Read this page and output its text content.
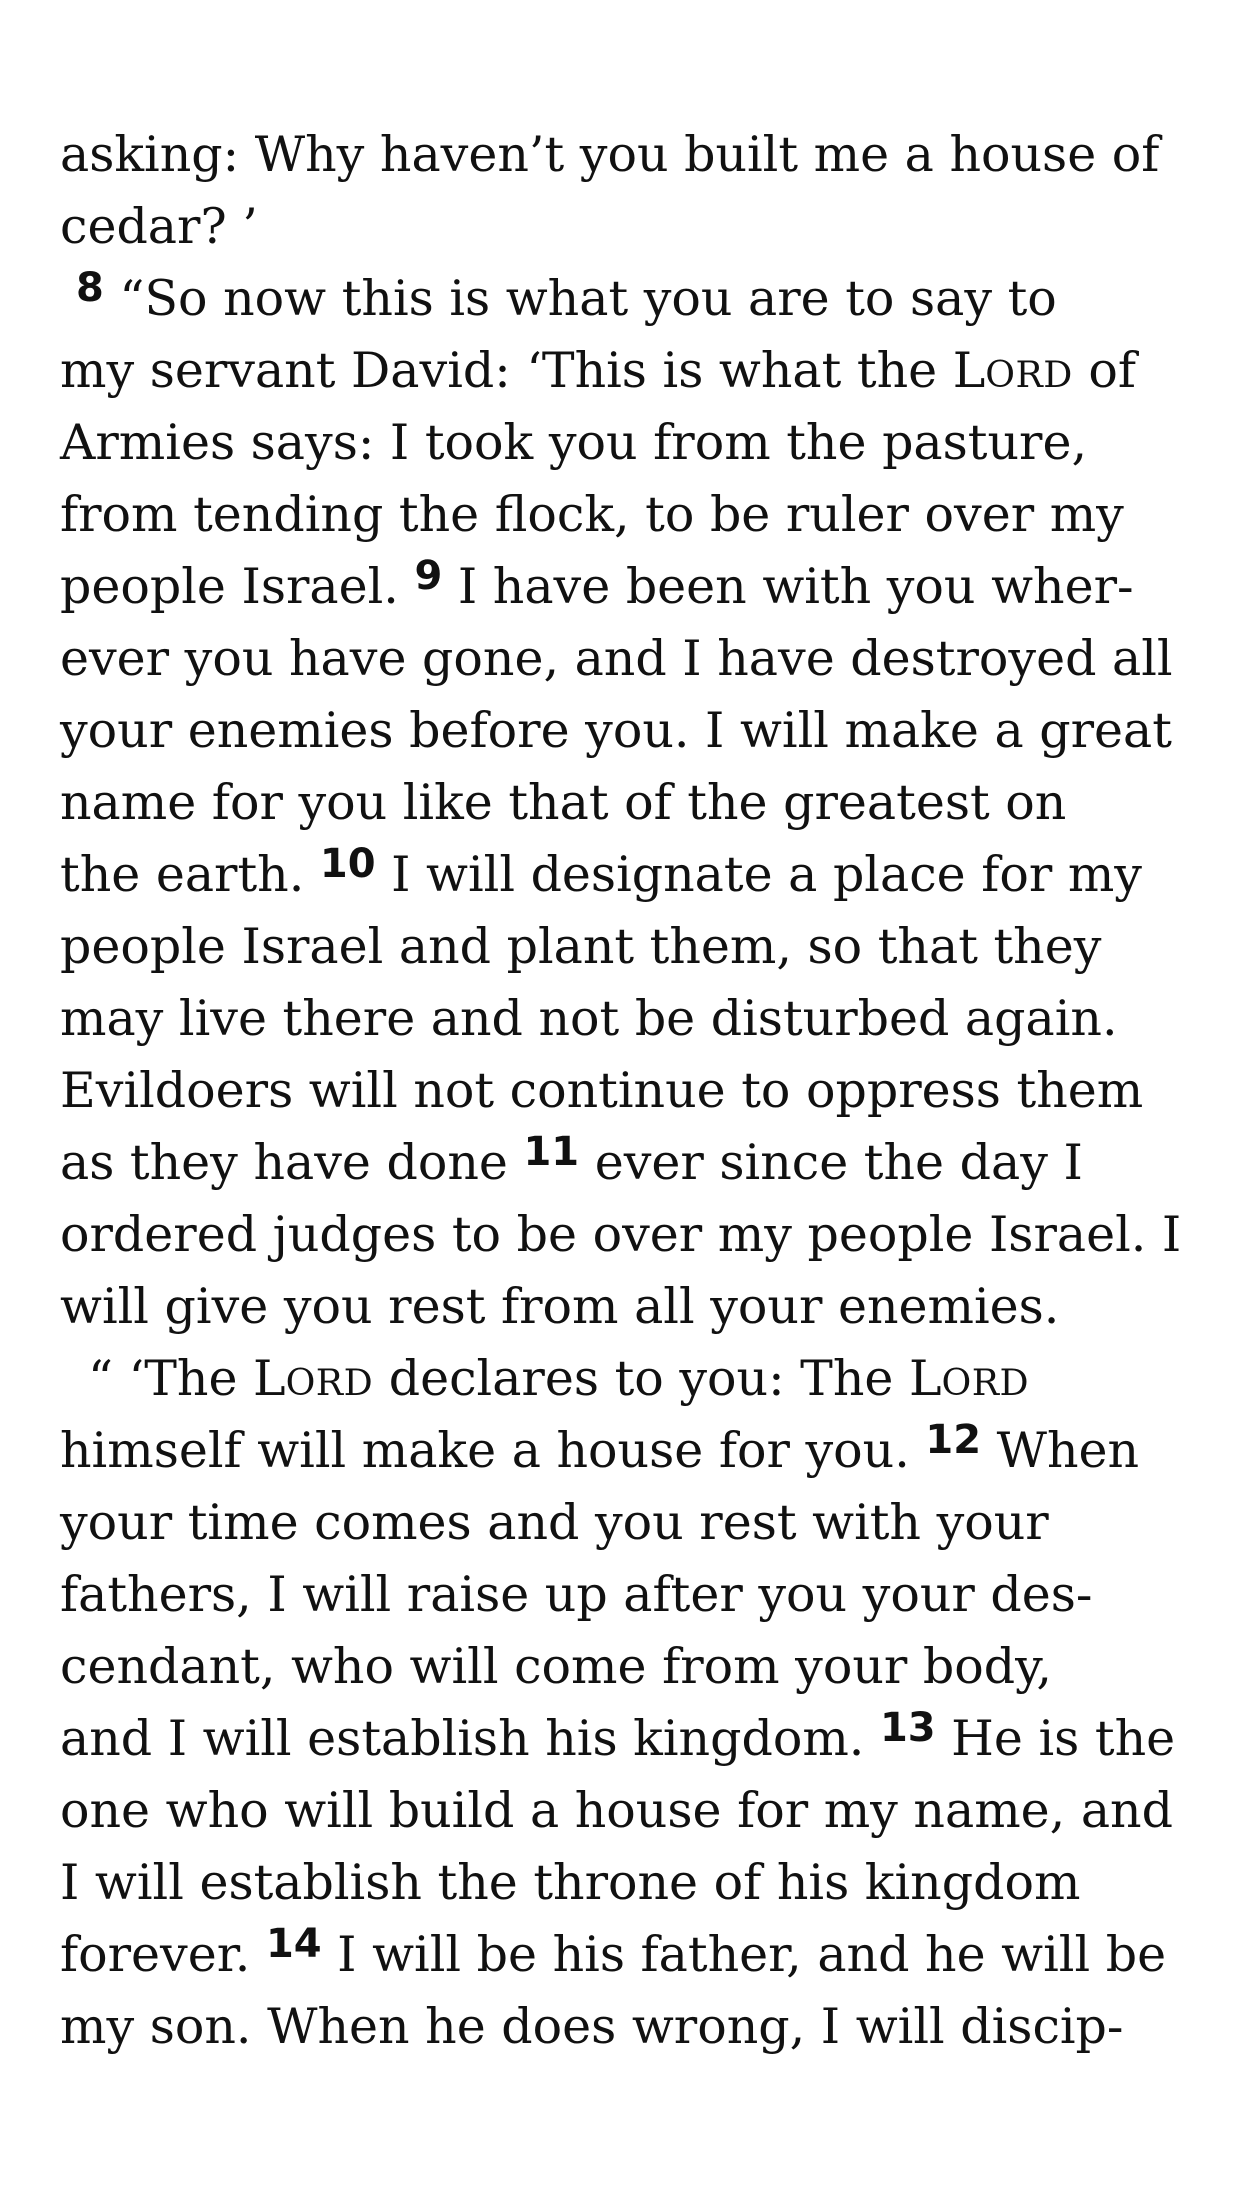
asking: Why haven’t you built me a house of
cedar? ’
$^8$ “So now this is what you are to say to
my servant David: ‘This is what the LORD of
Armies says: I took you from the pasture,
from tending the flock, to be ruler over my
people Israel. $^9$ I have been with you wher-
ever you have gone, and I have destroyed all
your enemies before you. I will make a great
name for you like that of the greatest on
the earth. $^{10}$ I will designate a place for my
people Israel and plant them, so that they
may live there and not be disturbed again.
Evildoers will not continue to oppress them
as they have done $^{11}$ ever since the day I
ordered judges to be over my people Israel. I
will give you rest from all your enemies.
“ ‘The LORD declares to you: The LORD
himself will make a house for you. $^{12}$ When
your time comes and you rest with your
fathers, I will raise up after you your des-
cendant, who will come from your body,
and I will establish his kingdom. $^{13}$ He is the
one who will build a house for my name, and
I will establish the throne of his kingdom
forever. $^{14}$ I will be his father, and he will be
my son. When he does wrong, I will discip-
